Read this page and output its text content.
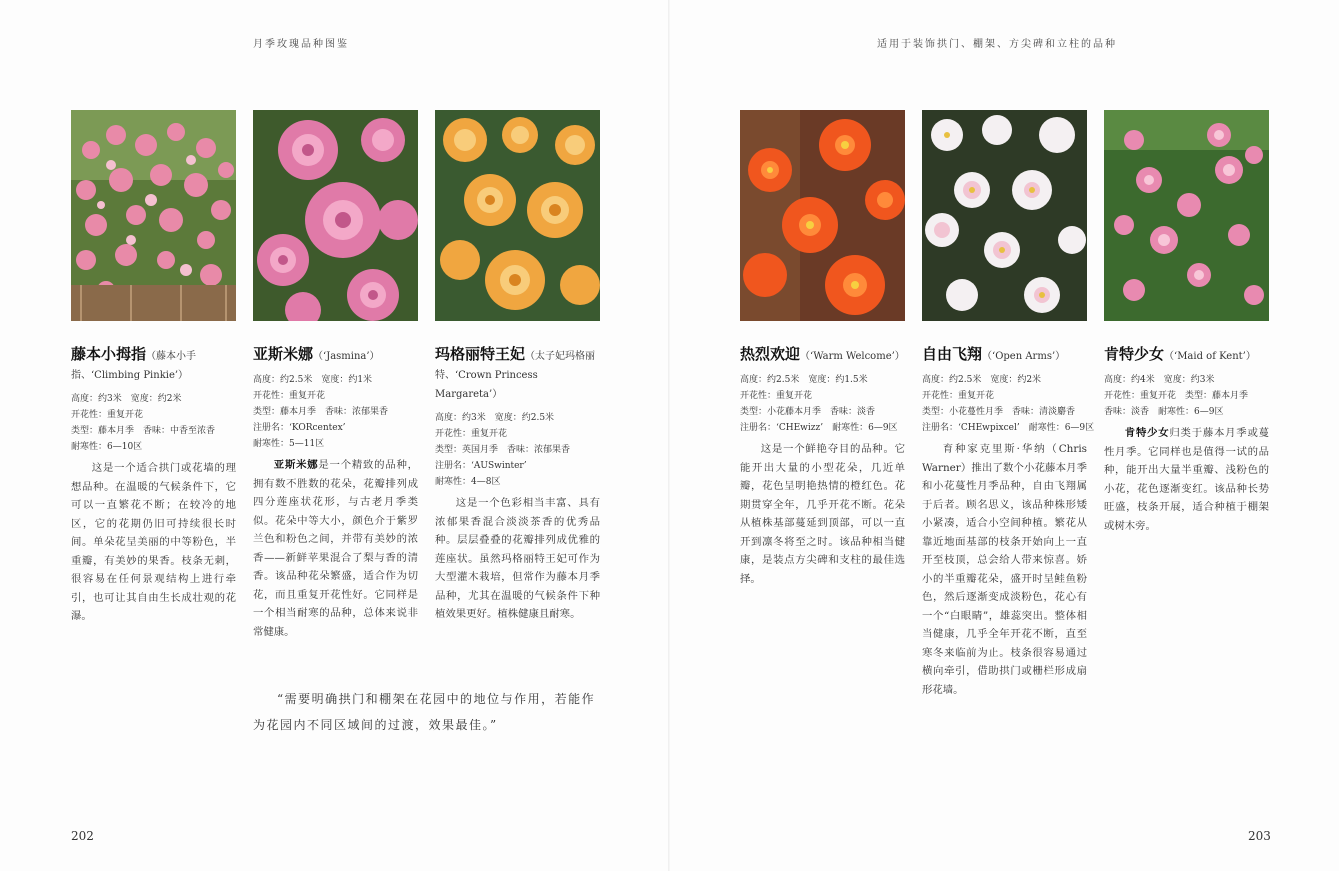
月季玫瑰品种图鉴
藤本小拇指（藤本小手指、‘Climbing Pinkie’）
高度：约3米　宽度：约2米
开花性：重复开花
类型：藤本月季　香味：中香至浓香
耐寒性：6—10区
这是一个适合拱门或花墙的理想品种。在温暖的气候条件下，它可以一直繁花不断；在较冷的地区，它的花期仍旧可持续很长时间。单朵花呈美丽的中等粉色，半重瓣，有美妙的果香。枝条无刺，很容易在任何景观结构上进行牵引，也可让其自由生长成壮观的花瀑。
亚斯米娜（‘Jasmina’）
高度：约2.5米　宽度：约1米
开花性：重复开花
类型：藤本月季　香味：浓郁果香
注册名：‘KORcentex’
耐寒性：5—11区
亚斯米娜是一个精致的品种，拥有数不胜数的花朵，花瓣排列成四分莲座状花形，与古老月季类似。花朵中等大小，颜色介于紫罗兰色和粉色之间，并带有美妙的浓香——新鲜苹果混合了梨与香的清香。该品种花朵繁盛，适合作为切花，而且重复开花性好。它同样是一个相当耐寒的品种，总体来说非常健康。
玛格丽特王妃（太子妃玛格丽特、‘Crown Princess Margareta’）
高度：约3米　宽度：约2.5米
开花性：重复开花
类型：英国月季　香味：浓郁果香
注册名：‘AUSwinter’
耐寒性：4—8区
这是一个色彩相当丰富、具有浓郁果香混合淡淡茶香的优秀品种。层层叠叠的花瓣排列成优雅的莲座状。虽然玛格丽特王妃可作为大型灌木栽培，但常作为藤本月季品种，尤其在温暖的气候条件下种植效果更好。植株健康且耐寒。
“需要明确拱门和棚架在花园中的地位与作用，若能作为花园内不同区域间的过渡，效果最佳。”
202
适用于装饰拱门、棚架、方尖碑和立柱的品种
热烈欢迎（‘Warm Welcome’）
高度：约2.5米　宽度：约1.5米
开花性：重复开花
类型：小花藤本月季　香味：淡香
注册名：‘CHEwizz’　耐寒性：6—9区
这是一个鲜艳夺目的品种。它能开出大量的小型花朵，几近单瓣，花色呈明艳热情的橙红色。花期贯穿全年，几乎开花不断。花朵从植株基部蔓延到顶部，可以一直开到凛冬将至之时。该品种相当健康，是装点方尖碑和支柱的最佳选择。
自由飞翔（‘Open Arms’）
高度：约2.5米　宽度：约2米
开花性：重复开花
类型：小花蔓性月季　香味：清淡麝香
注册名：‘CHEwpixcel’　耐寒性：6—9区
育种家克里斯·华纳（Chris Warner）推出了数个小花藤本月季和小花蔓性月季品种，自由飞翔属于后者。顾名思义，该品种株形矮小紧凑，适合小空间种植。繁花从靠近地面基部的枝条开始向上一直开至枝顶，总会给人带来惊喜。娇小的半重瓣花朵，盛开时呈鲑鱼粉色，然后逐渐变成淡粉色，花心有一个“白眼睛”，雄蕊突出。整体相当健康，几乎全年开花不断，直至寒冬来临前为止。枝条很容易通过横向牵引，借助拱门或栅栏形成扇形花墙。
肯特少女（‘Maid of Kent’）
高度：约4米　宽度：约3米
开花性：重复开花　类型：藤本月季
香味：淡香　耐寒性：6—9区
肯特少女归类于藤本月季或蔓性月季。它同样也是值得一试的品种，能开出大量半重瓣、浅粉色的小花，花色逐渐变红。该品种长势旺盛，枝条开展，适合种植于棚架或树木旁。
203
